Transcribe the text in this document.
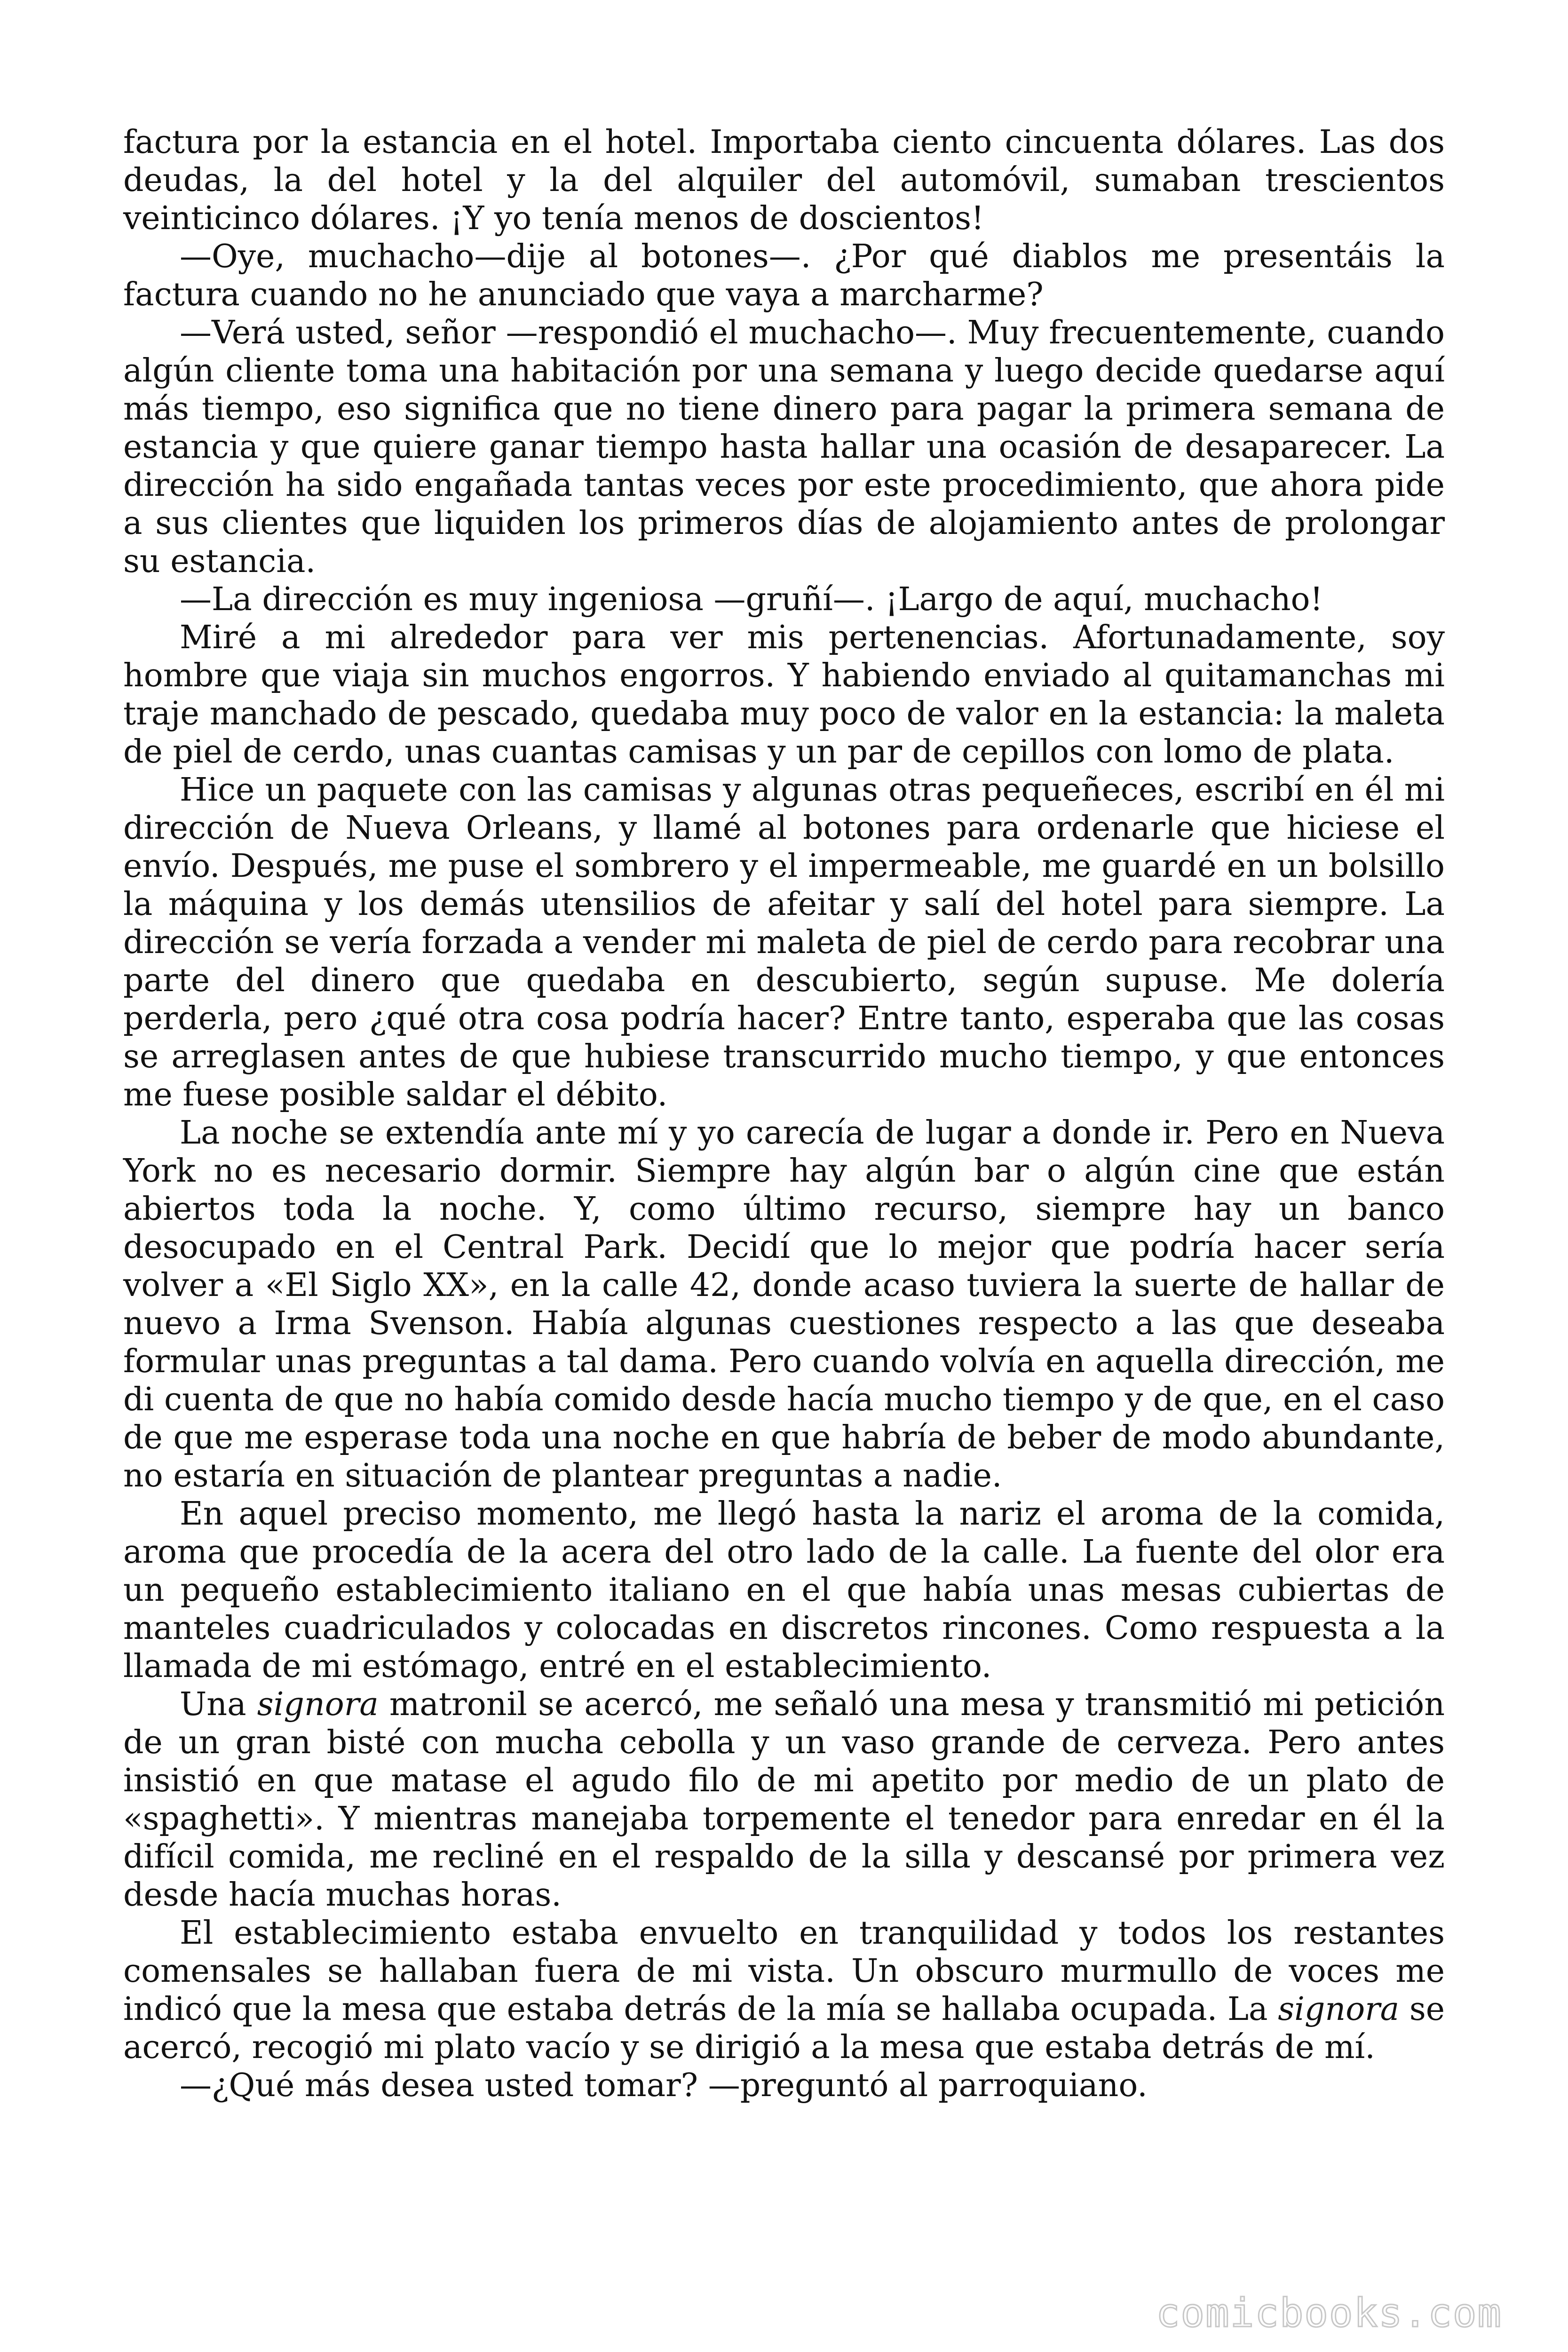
factura por la estancia en el hotel. Importaba ciento cincuenta dólares. Las dos deudas, la del hotel y la del alquiler del automóvil, sumaban trescientos veinticinco dólares. ¡Y yo tenía menos de doscientos!

—Oye, muchacho—dije al botones—. ¿Por qué diablos me presentáis la factura cuando no he anunciado que vaya a marcharme?

—Verá usted, señor —respondió el muchacho—. Muy frecuentemente, cuando algún cliente toma una habitación por una semana y luego decide quedarse aquí más tiempo, eso significa que no tiene dinero para pagar la primera semana de estancia y que quiere ganar tiempo hasta hallar una ocasión de desaparecer. La dirección ha sido engañada tantas veces por este procedimiento, que ahora pide a sus clientes que liquiden los primeros días de alojamiento antes de prolongar su estancia.

—La dirección es muy ingeniosa —gruñí—. ¡Largo de aquí, muchacho!

Miré a mi alrededor para ver mis pertenencias. Afortunadamente, soy hombre que viaja sin muchos engorros. Y habiendo enviado al quitamanchas mi traje manchado de pescado, quedaba muy poco de valor en la estancia: la maleta de piel de cerdo, unas cuantas camisas y un par de cepillos con lomo de plata.

Hice un paquete con las camisas y algunas otras pequeñeces, escribí en él mi dirección de Nueva Orleans, y llamé al botones para ordenarle que hiciese el envío. Después, me puse el sombrero y el impermeable, me guardé en un bolsillo la máquina y los demás utensilios de afeitar y salí del hotel para siempre. La dirección se vería forzada a vender mi maleta de piel de cerdo para recobrar una parte del dinero que quedaba en descubierto, según supuse. Me dolería perderla, pero ¿qué otra cosa podría hacer? Entre tanto, esperaba que las cosas se arreglasen antes de que hubiese transcurrido mucho tiempo, y que entonces me fuese posible saldar el débito.

La noche se extendía ante mí y yo carecía de lugar a donde ir. Pero en Nueva York no es necesario dormir. Siempre hay algún bar o algún cine que están abiertos toda la noche. Y, como último recurso, siempre hay un banco desocupado en el Central Park. Decidí que lo mejor que podría hacer sería volver a «El Siglo XX», en la calle 42, donde acaso tuviera la suerte de hallar de nuevo a Irma Svenson. Había algunas cuestiones respecto a las que deseaba formular unas preguntas a tal dama. Pero cuando volvía en aquella dirección, me di cuenta de que no había comido desde hacía mucho tiempo y de que, en el caso de que me esperase toda una noche en que habría de beber de modo abundante, no estaría en situación de plantear preguntas a nadie.

En aquel preciso momento, me llegó hasta la nariz el aroma de la comida, aroma que procedía de la acera del otro lado de la calle. La fuente del olor era un pequeño establecimiento italiano en el que había unas mesas cubiertas de manteles cuadriculados y colocadas en discretos rincones. Como respuesta a la llamada de mi estómago, entré en el establecimiento.

Una signora matronil se acercó, me señaló una mesa y transmitió mi petición de un gran bisté con mucha cebolla y un vaso grande de cerveza. Pero antes insistió en que matase el agudo filo de mi apetito por medio de un plato de «spaghetti». Y mientras manejaba torpemente el tenedor para enredar en él la difícil comida, me recliné en el respaldo de la silla y descansé por primera vez desde hacía muchas horas.

El establecimiento estaba envuelto en tranquilidad y todos los restantes comensales se hallaban fuera de mi vista. Un obscuro murmullo de voces me indicó que la mesa que estaba detrás de la mía se hallaba ocupada. La signora se acercó, recogió mi plato vacío y se dirigió a la mesa que estaba detrás de mí.

—¿Qué más desea usted tomar? —preguntó al parroquiano.

comicbooks.com
